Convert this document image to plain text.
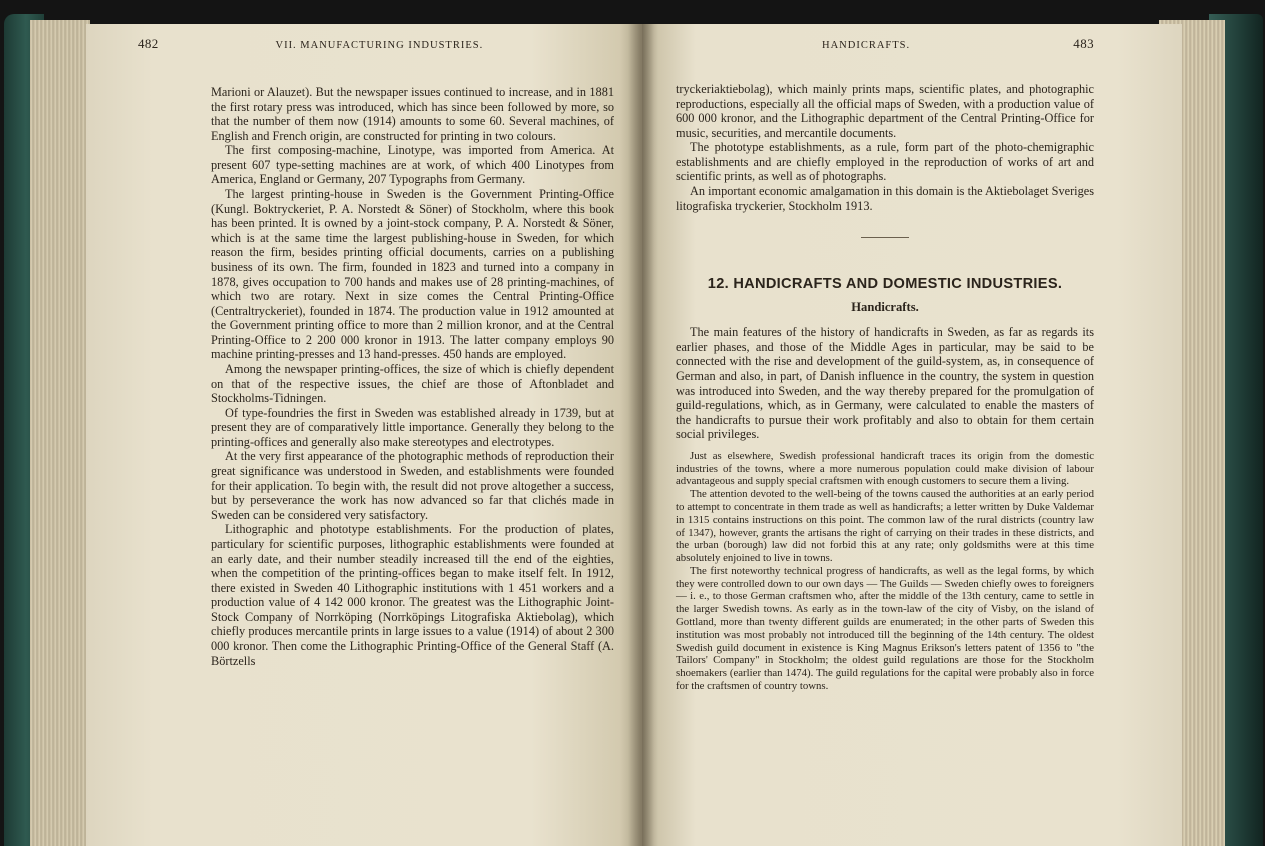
482	VII. MANUFACTURING INDUSTRIES.	HANDICRAFTS.	483

Marioni or Alauzet). But the newspaper issues continued to increase, and in 1881 the first rotary press was introduced, which has since been followed by more, so that the number of them now (1914) amounts to some 60. Several machines, of English and French origin, are constructed for printing in two colours.

The first composing-machine, Linotype, was imported from America. At present 607 type-setting machines are at work, of which 400 Linotypes from America, England or Germany, 207 Typographs from Germany.

The largest printing-house in Sweden is the Government Printing-Office (Kungl. Boktryckeriet, P. A. Norstedt & Söner) of Stockholm, where this book has been printed. It is owned by a joint-stock company, P. A. Norstedt & Söner, which is at the same time the largest publishing-house in Sweden, for which reason the firm, besides printing official documents, carries on a publishing business of its own. The firm, founded in 1823 and turned into a company in 1878, gives occupation to 700 hands and makes use of 28 printing-machines, of which two are rotary. Next in size comes the Central Printing-Office (Centraltryckeriet), founded in 1874. The production value in 1912 amounted at the Government printing office to more than 2 million kronor, and at the Central Printing-Office to 2 200 000 kronor in 1913. The latter company employs 90 machine printing-presses and 13 hand-presses. 450 hands are employed.

Among the newspaper printing-offices, the size of which is chiefly dependent on that of the respective issues, the chief are those of Aftonbladet and Stockholms-Tidningen.

Of type-foundries the first in Sweden was established already in 1739, but at present they are of comparatively little importance. Generally they belong to the printing-offices and generally also make stereotypes and electrotypes.

At the very first appearance of the photographic methods of reproduction their great significance was understood in Sweden, and establishments were founded for their application. To begin with, the result did not prove altogether a success, but by perseverance the work has now advanced so far that clichés made in Sweden can be considered very satisfactory.

Lithographic and phototype establishments. For the production of plates, particulary for scientific purposes, lithographic establishments were founded at an early date, and their number steadily increased till the end of the eighties, when the competition of the printing-offices began to make itself felt. In 1912, there existed in Sweden 40 Lithographic institutions with 1 451 workers and a production value of 4 142 000 kronor. The greatest was the Lithographic Joint-Stock Company of Norrköping (Norrköpings Litografiska Aktiebolag), which chiefly produces mercantile prints in large issues to a value (1914) of about 2 300 000 kronor. Then come the Lithographic Printing-Office of the General Staff (A. Börtzells

tryckeriaktiebolag), which mainly prints maps, scientific plates, and photographic reproductions, especially all the official maps of Sweden, with a production value of 600 000 kronor, and the Lithographic department of the Central Printing-Office for music, securities, and mercantile documents.

The phototype establishments, as a rule, form part of the photo-chemigraphic establishments and are chiefly employed in the reproduction of works of art and scientific prints, as well as of photographs.

An important economic amalgamation in this domain is the Aktiebolaget Sveriges litografiska tryckerier, Stockholm 1913.

12. HANDICRAFTS AND DOMESTIC INDUSTRIES.
Handicrafts.

The main features of the history of handicrafts in Sweden, as far as regards its earlier phases, and those of the Middle Ages in particular, may be said to be connected with the rise and development of the guild-system, as, in consequence of German and also, in part, of Danish influence in the country, the system in question was introduced into Sweden, and the way thereby prepared for the promulgation of guild-regulations, which, as in Germany, were calculated to enable the masters of the handicrafts to pursue their work profitably and also to obtain for them certain social privileges.

Just as elsewhere, Swedish professional handicraft traces its origin from the domestic industries of the towns, where a more numerous population could make division of labour advantageous and supply special craftsmen with enough customers to secure them a living.

The attention devoted to the well-being of the towns caused the authorities at an early period to attempt to concentrate in them trade as well as handicrafts; a letter written by Duke Valdemar in 1315 contains instructions on this point. The common law of the rural districts (country law of 1347), however, grants the artisans the right of carrying on their trades in these districts, and the urban (borough) law did not forbid this at any rate; only goldsmiths were at this time absolutely enjoined to live in towns.

The first noteworthy technical progress of handicrafts, as well as the legal forms, by which they were controlled down to our own days — The Guilds — Sweden chiefly owes to foreigners — i. e., to those German craftsmen who, after the middle of the 13th century, came to settle in the larger Swedish towns. As early as in the town-law of the city of Visby, on the island of Gottland, more than twenty different guilds are enumerated; in the other parts of Sweden this institution was most probably not introduced till the beginning of the 14th century. The oldest Swedish guild document in existence is King Magnus Erikson's letters patent of 1356 to "the Tailors' Company" in Stockholm; the oldest guild regulations are those for the Stockholm shoemakers (earlier than 1474). The guild regulations for the capital were probably also in force for the craftsmen of country towns.
